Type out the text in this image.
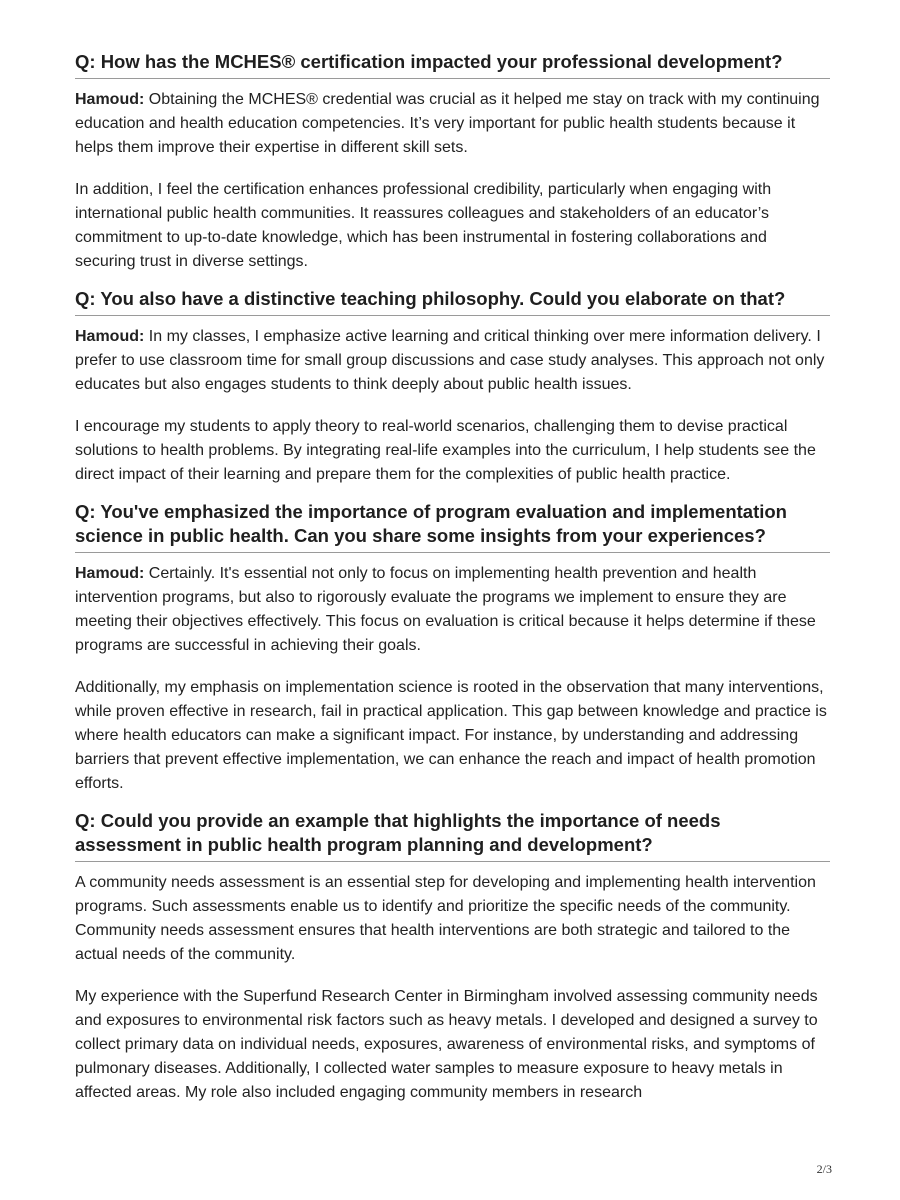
Q: How has the MCHES® certification impacted your professional development?

Hamoud: Obtaining the MCHES® credential was crucial as it helped me stay on track with my continuing education and health education competencies. It’s very important for public health students because it helps them improve their expertise in different skill sets.

In addition, I feel the certification enhances professional credibility, particularly when engaging with international public health communities. It reassures colleagues and stakeholders of an educator’s commitment to up-to-date knowledge, which has been instrumental in fostering collaborations and securing trust in diverse settings.

Q: You also have a distinctive teaching philosophy. Could you elaborate on that?

Hamoud: In my classes, I emphasize active learning and critical thinking over mere information delivery. I prefer to use classroom time for small group discussions and case study analyses. This approach not only educates but also engages students to think deeply about public health issues.

I encourage my students to apply theory to real-world scenarios, challenging them to devise practical solutions to health problems. By integrating real-life examples into the curriculum, I help students see the direct impact of their learning and prepare them for the complexities of public health practice.

Q: You've emphasized the importance of program evaluation and implementation science in public health. Can you share some insights from your experiences?

Hamoud: Certainly. It's essential not only to focus on implementing health prevention and health intervention programs, but also to rigorously evaluate the programs we implement to ensure they are meeting their objectives effectively. This focus on evaluation is critical because it helps determine if these programs are successful in achieving their goals.

Additionally, my emphasis on implementation science is rooted in the observation that many interventions, while proven effective in research, fail in practical application. This gap between knowledge and practice is where health educators can make a significant impact. For instance, by understanding and addressing barriers that prevent effective implementation, we can enhance the reach and impact of health promotion efforts.

Q: Could you provide an example that highlights the importance of needs assessment in public health program planning and development?

A community needs assessment is an essential step for developing and implementing health intervention programs. Such assessments enable us to identify and prioritize the specific needs of the community. Community needs assessment ensures that health interventions are both strategic and tailored to the actual needs of the community.

My experience with the Superfund Research Center in Birmingham involved assessing community needs and exposures to environmental risk factors such as heavy metals. I developed and designed a survey to collect primary data on individual needs, exposures, awareness of environmental risks, and symptoms of pulmonary diseases. Additionally, I collected water samples to measure exposure to heavy metals in affected areas. My role also included engaging community members in research

2/3
